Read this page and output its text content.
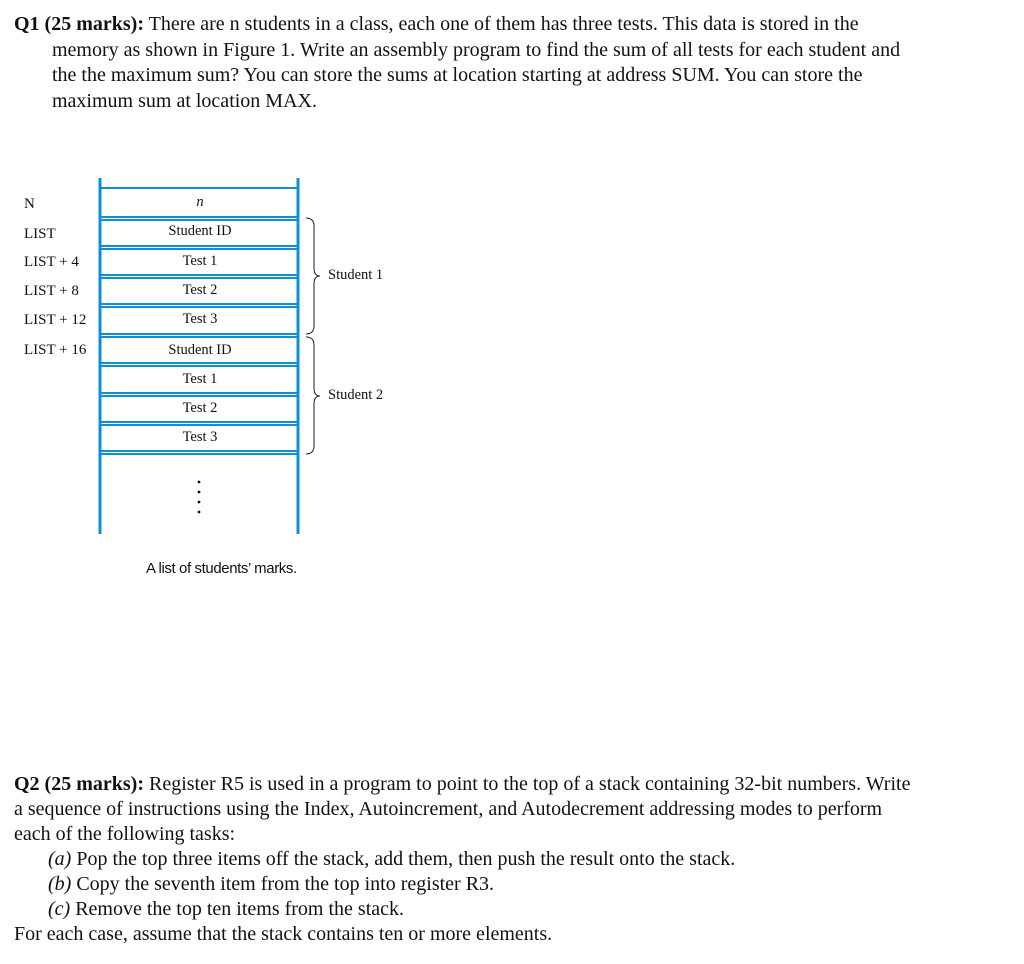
Q1 (25 marks): There are n students in a class, each one of them has three tests. This data is stored in the
memory as shown in Figure 1. Write an assembly program to find the sum of all tests for each student and
the the maximum sum? You can store the sums at location starting at address SUM. You can store the
maximum sum at location MAX.
N
LIST
LIST + 4
LIST + 8
LIST + 12
LIST + 16
n
Student ID
Test 1
Test 2
Test 3
Student ID
Test 1
Test 2
Test 3
Student 1
Student 2
A list of students’ marks.
Q2 (25 marks): Register R5 is used in a program to point to the top of a stack containing 32-bit numbers. Write
a sequence of instructions using the Index, Autoincrement, and Autodecrement addressing modes to perform
each of the following tasks:
(a) Pop the top three items off the stack, add them, then push the result onto the stack.
(b) Copy the seventh item from the top into register R3.
(c) Remove the top ten items from the stack.
For each case, assume that the stack contains ten or more elements.
